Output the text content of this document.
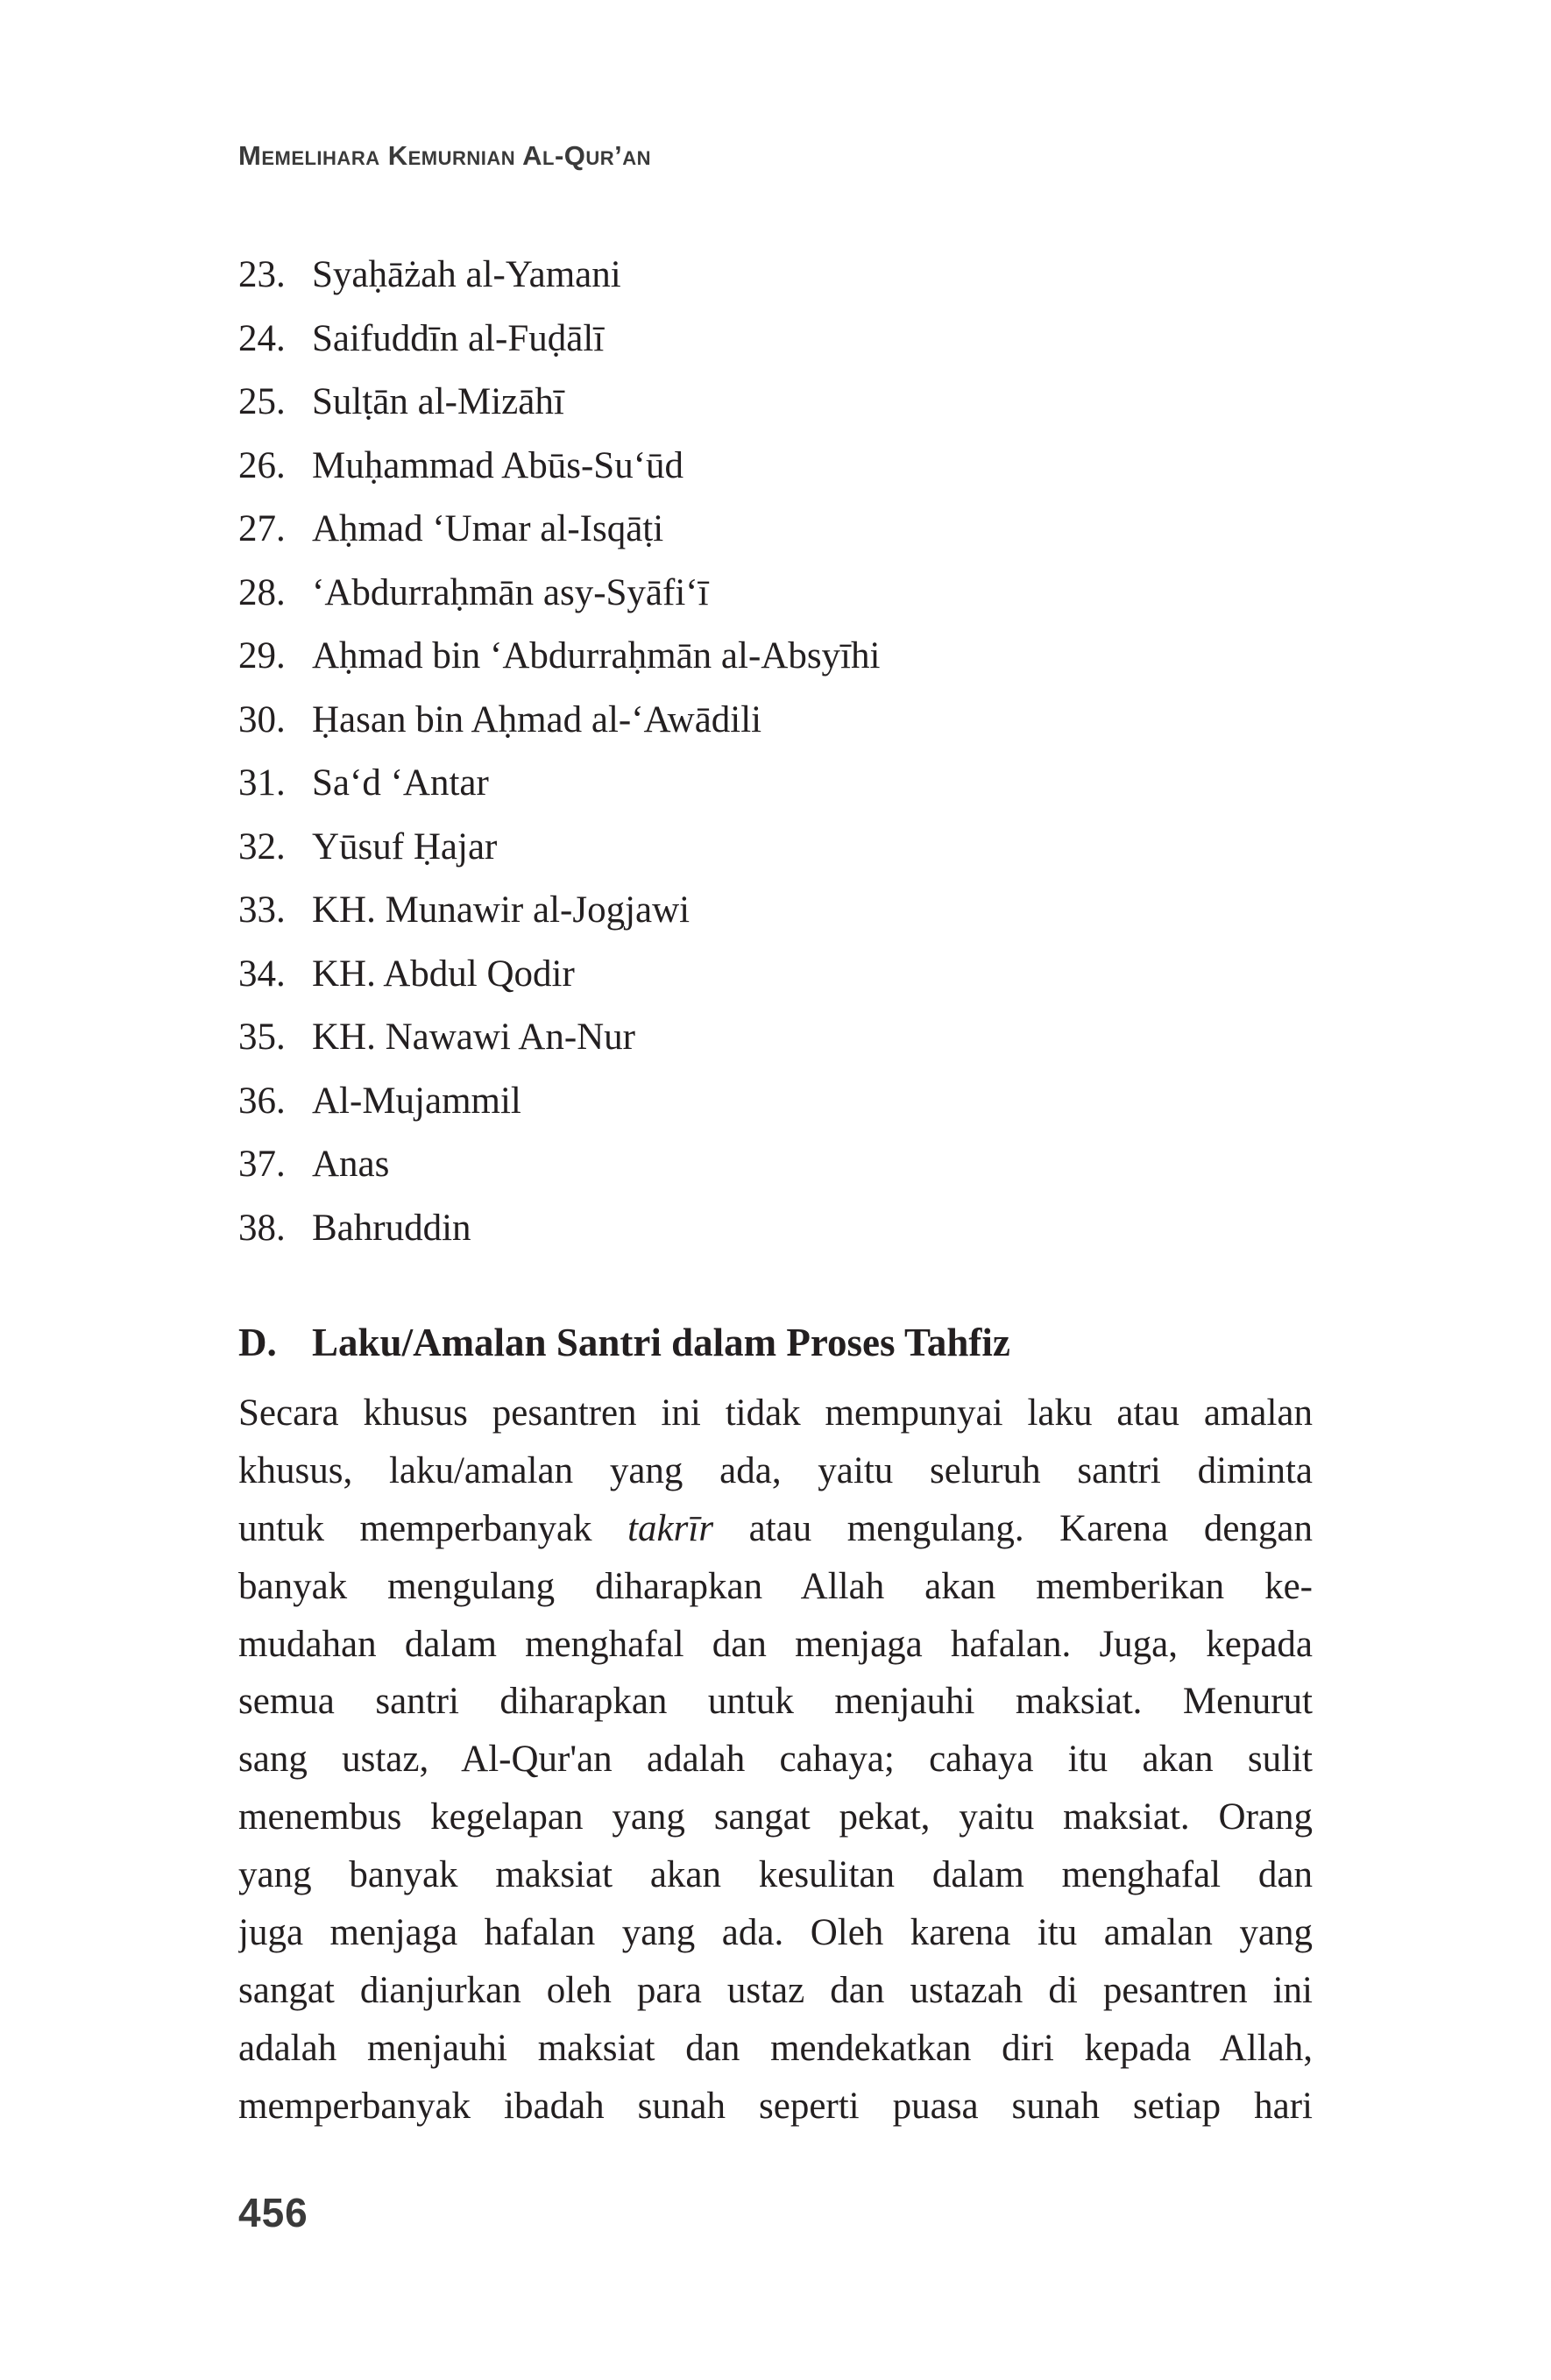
Memelihara Kemurnian Al-Qur’an
23. Syaḥāżah al-Yamani
24. Saifuddīn al-Fuḍālī
25. Sulṭān al-Mizāhī
26. Muḥammad Abūs-Su‘ūd
27. Aḥmad ‘Umar al-Isqāṭi
28. ‘Abdurraḥmān asy-Syāfi‘ī
29. Aḥmad bin ‘Abdurraḥmān al-Absyīhi
30. Ḥasan bin Aḥmad al-‘Awādili
31. Sa‘d ‘Antar
32. Yūsuf Ḥajar
33. KH. Munawir al-Jogjawi
34. KH. Abdul Qodir
35. KH. Nawawi An-Nur
36. Al-Mujammil
37. Anas
38. Bahruddin
D. Laku/Amalan Santri dalam Proses Tahfiz
Secara khusus pesantren ini tidak mempunyai laku atau amalan
khusus, laku/amalan yang ada, yaitu seluruh santri diminta
untuk memperbanyak takrīr atau mengulang. Karena dengan
banyak mengulang diharapkan Allah akan memberikan ke-
mudahan dalam menghafal dan menjaga hafalan. Juga, kepada
semua santri diharapkan untuk menjauhi maksiat. Menurut
sang ustaz, Al-Qur'an adalah cahaya; cahaya itu akan sulit
menembus kegelapan yang sangat pekat, yaitu maksiat. Orang
yang banyak maksiat akan kesulitan dalam menghafal dan
juga menjaga hafalan yang ada. Oleh karena itu amalan yang
sangat dianjurkan oleh para ustaz dan ustazah di pesantren ini
adalah menjauhi maksiat dan mendekatkan diri kepada Allah,
memperbanyak ibadah sunah seperti puasa sunah setiap hari
456
